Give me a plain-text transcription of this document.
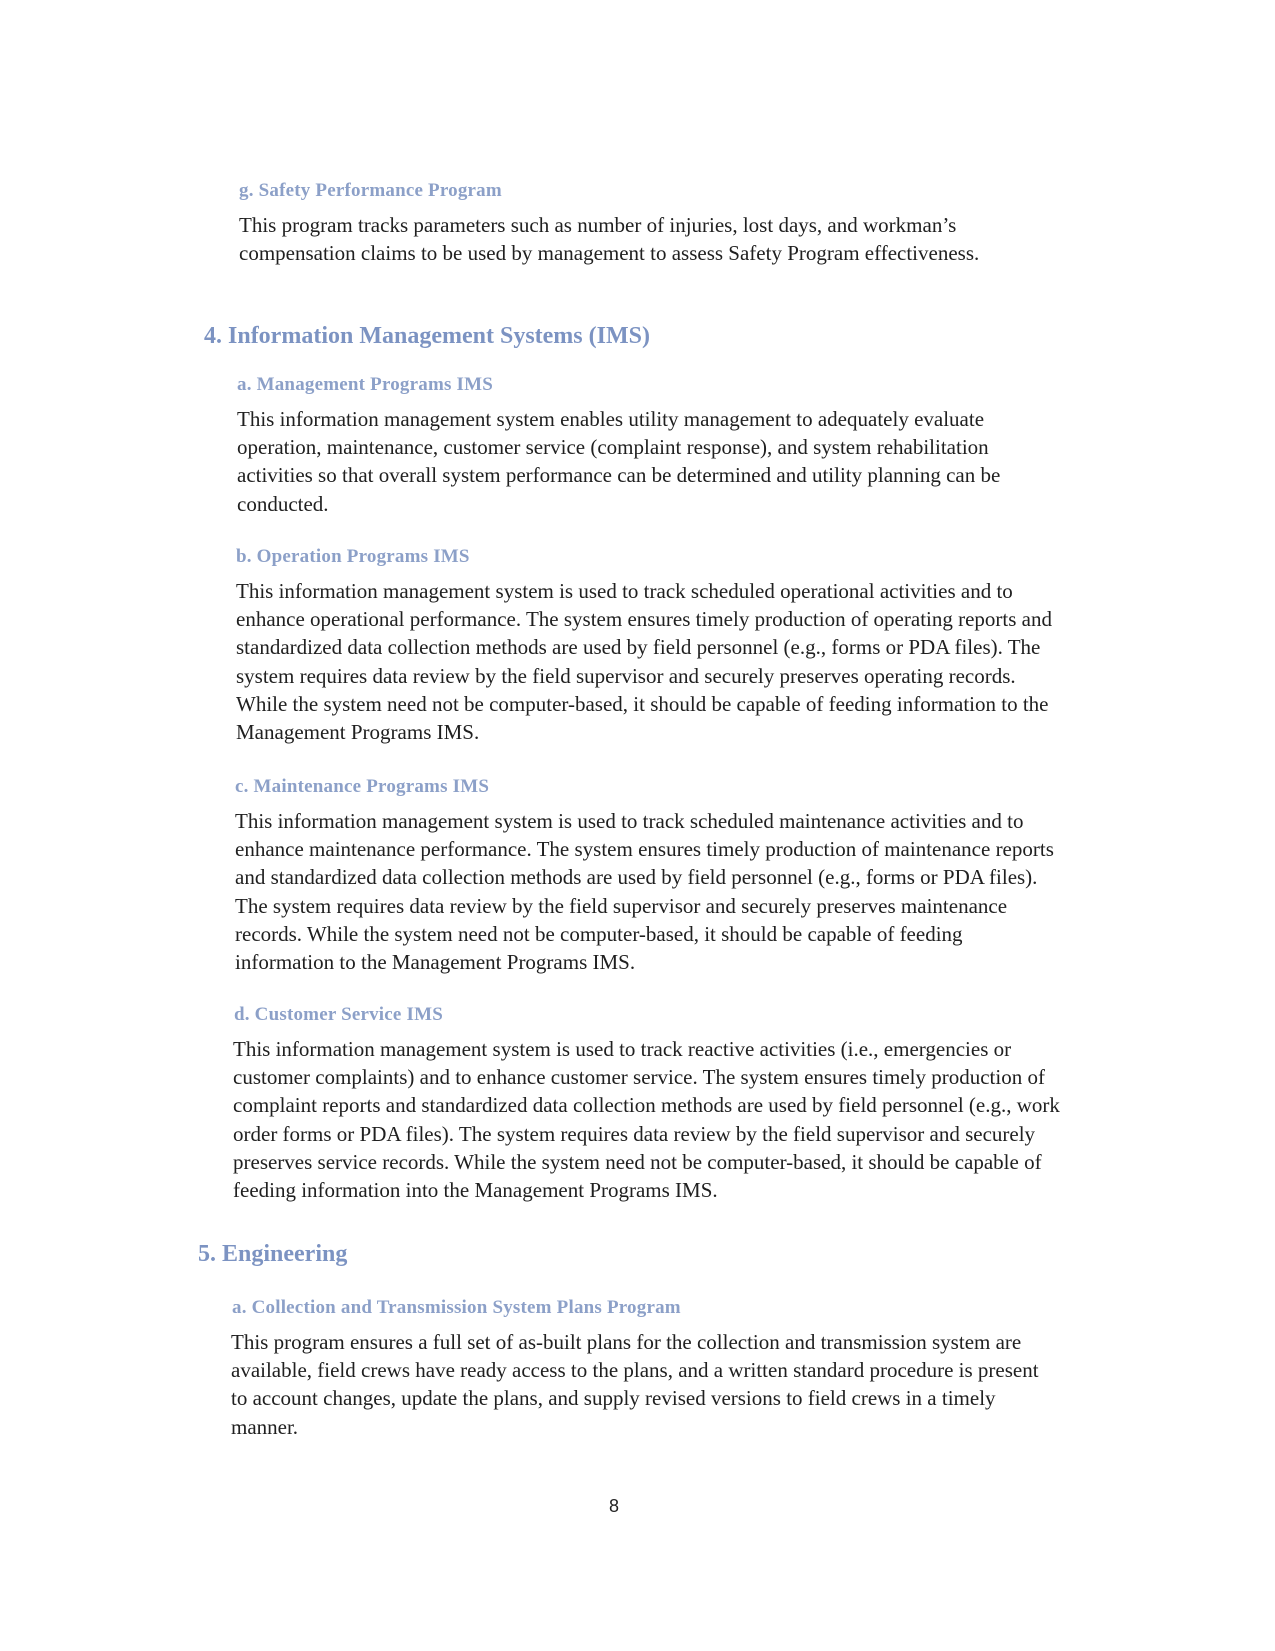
g. Safety Performance Program
This program tracks parameters such as number of injuries, lost days, and workman’s compensation claims to be used by management to assess Safety Program effectiveness.
4. Information Management Systems (IMS)
a. Management Programs IMS
This information management system enables utility management to adequately evaluate operation, maintenance, customer service (complaint response), and system rehabilitation activities so that overall system performance can be determined and utility planning can be conducted.
b. Operation Programs IMS
This information management system is used to track scheduled operational activities and to enhance operational performance. The system ensures timely production of operating reports and standardized data collection methods are used by field personnel (e.g., forms or PDA files). The system requires data review by the field supervisor and securely preserves operating records. While the system need not be computer-based, it should be capable of feeding information to the Management Programs IMS.
c. Maintenance Programs IMS
This information management system is used to track scheduled maintenance activities and to enhance maintenance performance. The system ensures timely production of maintenance reports and standardized data collection methods are used by field personnel (e.g., forms or PDA files). The system requires data review by the field supervisor and securely preserves maintenance records. While the system need not be computer-based, it should be capable of feeding information to the Management Programs IMS.
d. Customer Service IMS
This information management system is used to track reactive activities (i.e., emergencies or customer complaints) and to enhance customer service. The system ensures timely production of complaint reports and standardized data collection methods are used by field personnel (e.g., work order forms or PDA files). The system requires data review by the field supervisor and securely preserves service records. While the system need not be computer-based, it should be capable of feeding information into the Management Programs IMS.
5. Engineering
a. Collection and Transmission System Plans Program
This program ensures a full set of as-built plans for the collection and transmission system are available, field crews have ready access to the plans, and a written standard procedure is present to account changes, update the plans, and supply revised versions to field crews in a timely manner.
8
